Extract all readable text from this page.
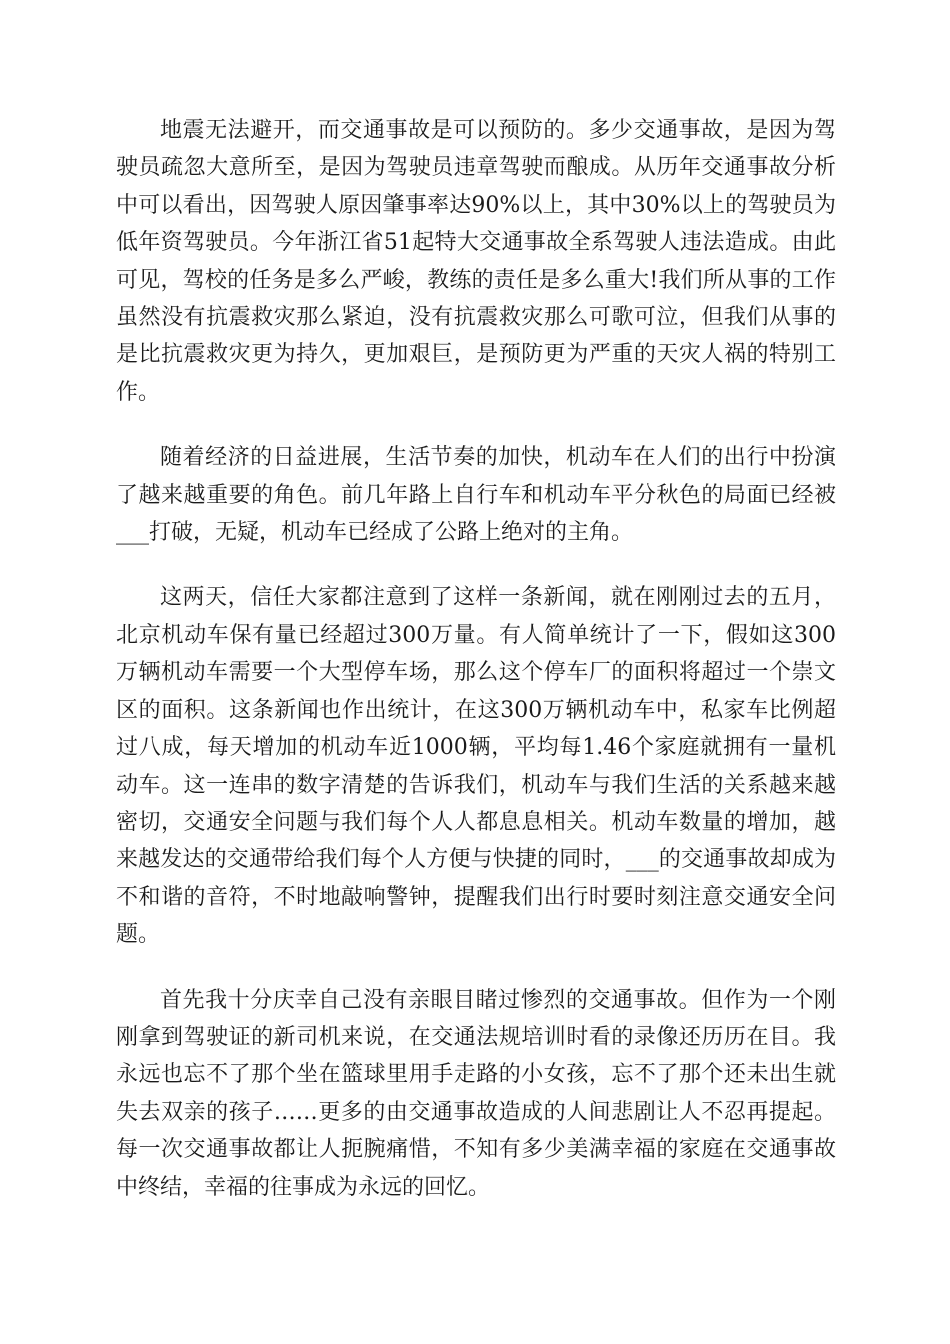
地震无法避开，而交通事故是可以预防的。多少交通事故，是因为驾驶员疏忽大意所至，是因为驾驶员违章驾驶而酿成。从历年交通事故分析中可以看出，因驾驶人原因肇事率达90%以上，其中30%以上的驾驶员为低年资驾驶员。今年浙江省51起特大交通事故全系驾驶人违法造成。由此可见，驾校的任务是多么严峻，教练的责任是多么重大!我们所从事的工作虽然没有抗震救灾那么紧迫，没有抗震救灾那么可歌可泣，但我们从事的是比抗震救灾更为持久，更加艰巨，是预防更为严重的天灾人祸的特别工作。

随着经济的日益进展，生活节奏的加快，机动车在人们的出行中扮演了越来越重要的角色。前几年路上自行车和机动车平分秋色的局面已经被___打破，无疑，机动车已经成了公路上绝对的主角。

这两天，信任大家都注意到了这样一条新闻，就在刚刚过去的五月，北京机动车保有量已经超过300万量。有人简单统计了一下，假如这300万辆机动车需要一个大型停车场，那么这个停车厂的面积将超过一个崇文区的面积。这条新闻也作出统计，在这300万辆机动车中，私家车比例超过八成，每天增加的机动车近1000辆，平均每1.46个家庭就拥有一量机动车。这一连串的数字清楚的告诉我们，机动车与我们生活的关系越来越密切，交通安全问题与我们每个人人都息息相关。机动车数量的增加，越来越发达的交通带给我们每个人方便与快捷的同时，___的交通事故却成为不和谐的音符，不时地敲响警钟，提醒我们出行时要时刻注意交通安全问题。

首先我十分庆幸自己没有亲眼目睹过惨烈的交通事故。但作为一个刚刚拿到驾驶证的新司机来说，在交通法规培训时看的录像还历历在目。我永远也忘不了那个坐在篮球里用手走路的小女孩，忘不了那个还未出生就失去双亲的孩子……更多的由交通事故造成的人间悲剧让人不忍再提起。每一次交通事故都让人扼腕痛惜，不知有多少美满幸福的家庭在交通事故中终结，幸福的往事成为永远的回忆。
